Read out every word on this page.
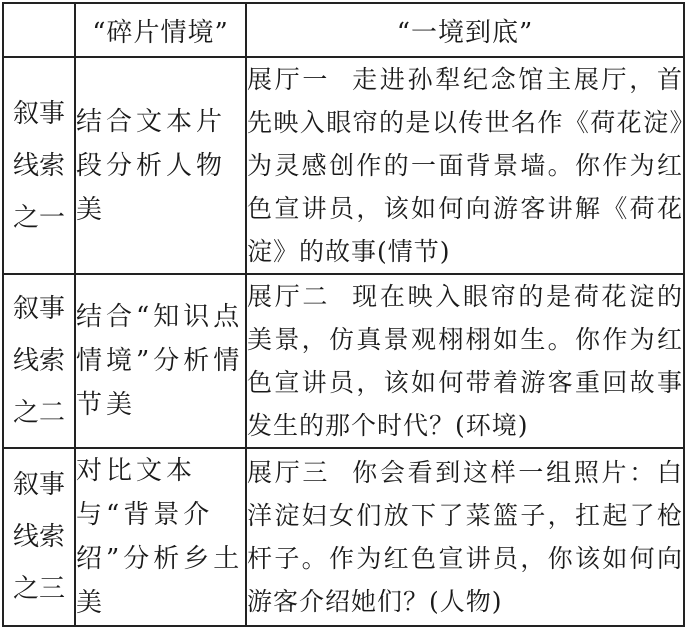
	“碎片情境”	“一境到底”

叙事
线索
之一	结合文本片段分析人物美	展厅一 走进孙犁纪念馆主展厅，首先映入眼帘的是以传世名作《荷花淀》为灵感创作的一面背景墙。你作为红色宣讲员，该如何向游客讲解《荷花淀》的故事(情节)

叙事
线索
之二	结合“知识点情境”分析情节美	展厅二 现在映入眼帘的是荷花淀的美景，仿真景观栩栩如生。你作为红色宣讲员，该如何带着游客重回故事发生的那个时代？(环境)

叙事
线索
之三	对比文本与“背景介绍”分析乡土美	展厅三 你会看到这样一组照片：白洋淀妇女们放下了菜篮子，扛起了枪杆子。作为红色宣讲员，你该如何向游客介绍她们？(人物)
